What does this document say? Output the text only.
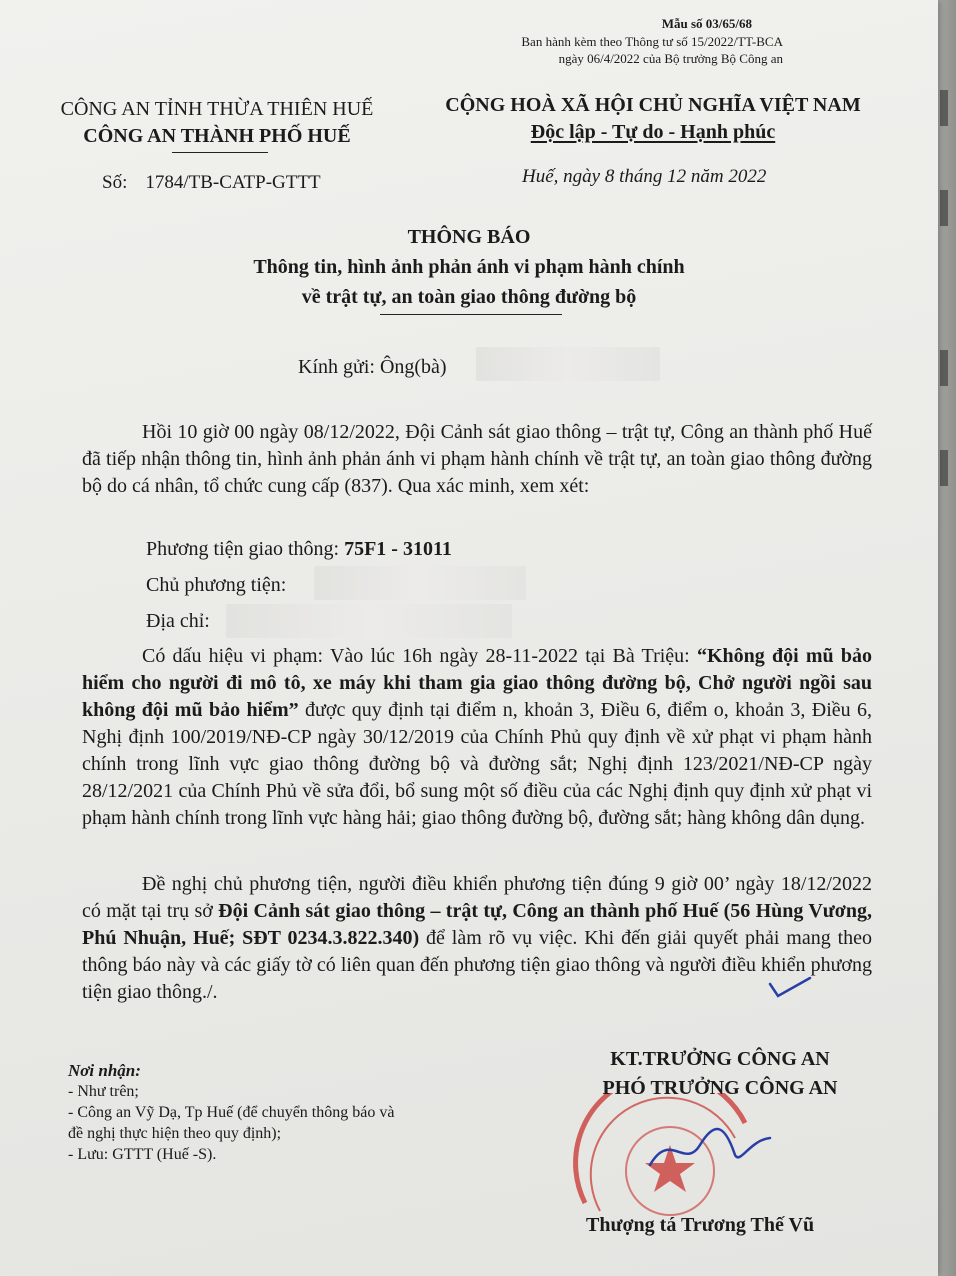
Mẫu số 03/65/68
Ban hành kèm theo Thông tư số 15/2022/TT-BCA
ngày 06/4/2022 của Bộ trưởng Bộ Công an
CÔNG AN TỈNH THỪA THIÊN HUẾ
CÔNG AN THÀNH PHỐ HUẾ
CỘNG HOÀ XÃ HỘI CHỦ NGHĨA VIỆT NAM
Độc lập - Tự do - Hạnh phúc
Số: 1784/TB-CATP-GTTT	Huế, ngày 8 tháng 12 năm 2022
THÔNG BÁO
Thông tin, hình ảnh phản ánh vi phạm hành chính
về trật tự, an toàn giao thông đường bộ
Kính gửi: Ông(bà)
Hồi 10 giờ 00 ngày 08/12/2022, Đội Cảnh sát giao thông – trật tự, Công an thành phố Huế đã tiếp nhận thông tin, hình ảnh phản ánh vi phạm hành chính về trật tự, an toàn giao thông đường bộ do cá nhân, tổ chức cung cấp (837). Qua xác minh, xem xét:
Phương tiện giao thông: 75F1 - 31011
Chủ phương tiện:
Địa chỉ:
Có dấu hiệu vi phạm: Vào lúc 16h ngày 28-11-2022 tại Bà Triệu: “Không đội mũ bảo hiểm cho người đi mô tô, xe máy khi tham gia giao thông đường bộ, Chở người ngồi sau không đội mũ bảo hiểm” được quy định tại điểm n, khoản 3, Điều 6, điểm o, khoản 3, Điều 6, Nghị định 100/2019/NĐ-CP ngày 30/12/2019 của Chính Phủ quy định về xử phạt vi phạm hành chính trong lĩnh vực giao thông đường bộ và đường sắt; Nghị định 123/2021/NĐ-CP ngày 28/12/2021 của Chính Phủ về sửa đổi, bổ sung một số điều của các Nghị định quy định xử phạt vi phạm hành chính trong lĩnh vực hàng hải; giao thông đường bộ, đường sắt; hàng không dân dụng.
Đề nghị chủ phương tiện, người điều khiển phương tiện đúng 9 giờ 00’ ngày 18/12/2022 có mặt tại trụ sở Đội Cảnh sát giao thông – trật tự, Công an thành phố Huế (56 Hùng Vương, Phú Nhuận, Huế; SĐT 0234.3.822.340) để làm rõ vụ việc. Khi đến giải quyết phải mang theo thông báo này và các giấy tờ có liên quan đến phương tiện giao thông và người điều khiển phương tiện giao thông./.
Nơi nhận:
- Như trên;
- Công an Vỹ Dạ, Tp Huế (để chuyển thông báo và
đề nghị thực hiện theo quy định);
- Lưu: GTTT (Huế -S).
KT.TRƯỞNG CÔNG AN
PHÓ TRƯỞNG CÔNG AN
Thượng tá Trương Thế Vũ
